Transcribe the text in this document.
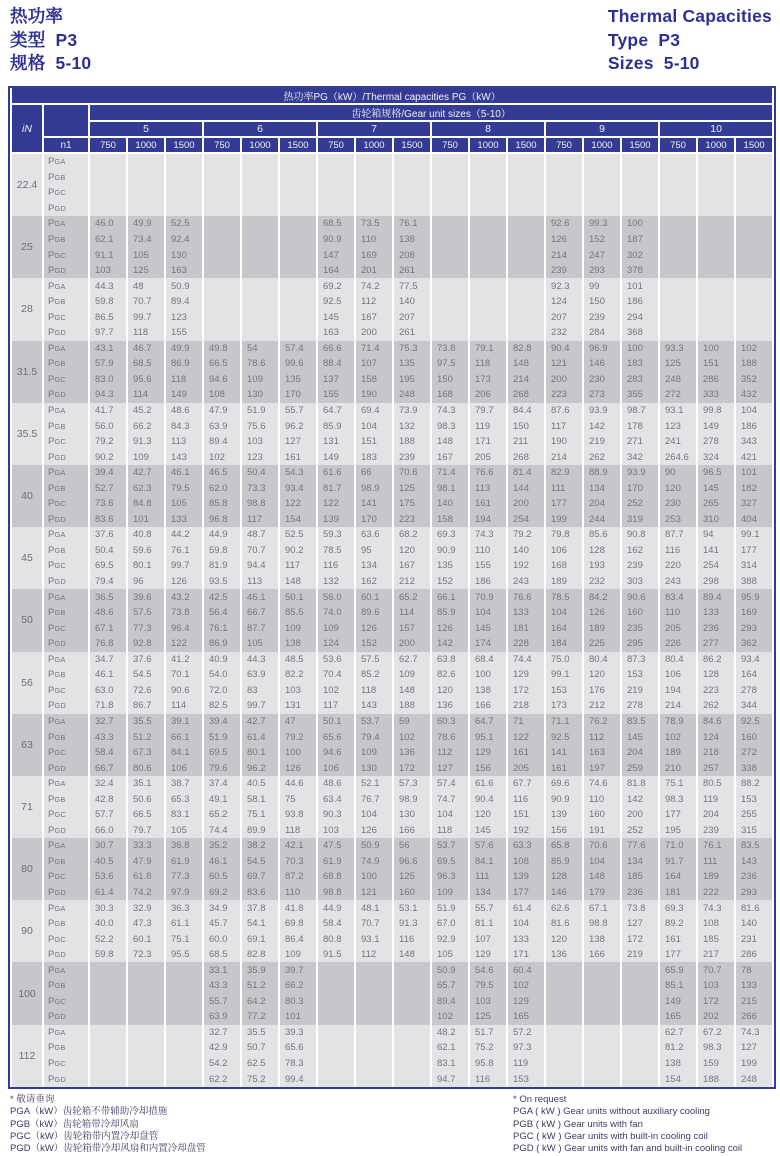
热功率
类型  P3
规格  5-10
Thermal Capacities
Type  P3
Sizes  5-10
热功率PG（kW）/Thermal capacities PG（kW）																			
iN		齿轮箱规格/Gear unit sizes（5-10）																	
		5			6			7			8			9			10		
	n1	750	1000	1500	750	1000	1500	750	1000	1500	750	1000	1500	750	1000	1500	750	1000	1500
22.4	PGA																		
	PGB																		
	PGC																		
	PGD																		
25	PGA	46.0	49.9	52.5				68.5	73.5	76.1				92.6	99.3	100			
	PGB	62.1	73.4	92.4				90.9	110	138				126	152	187			
	PGC	91.1	105	130				147	169	208				214	247	302			
	PGD	103	125	163				164	201	261				239	293	378			
28	PGA	44.3	48	50.9				69.2	74.2	77.5				92.3	99	101			
	PGB	59.8	70.7	89.4				92.5	112	140				124	150	186			
	PGC	86.5	99.7	123				145	167	207				207	239	294			
	PGD	97.7	118	155				163	200	261				232	284	368			
31.5	PGA	43.1	46.7	49.9	49.8	54	57.4	66.6	71.4	75.3	73.8	79.1	82.8	90.4	96.9	100	93.3	100	102
	PGB	57.9	68.5	86.9	66.5	78.6	99.6	88.4	107	135	97.5	118	148	121	146	183	125	151	188
	PGC	83.0	95.6	118	94.6	109	135	137	158	195	150	173	214	200	230	283	248	286	352
	PGD	94.3	114	149	108	130	170	155	190	248	168	206	268	223	273	355	272	333	432
35.5	PGA	41.7	45.2	48.6	47.9	51.9	55.7	64.7	69.4	73.9	74.3	79.7	84.4	87.6	93.9	98.7	93.1	99.8	104
	PGB	56.0	66.2	84.3	63.9	75.6	96.2	85.9	104	132	98.3	119	150	117	142	178	123	149	186
	PGC	79.2	91.3	113	89.4	103	127	131	151	188	148	171	211	190	219	271	241	278	343
	PGD	90.2	109	143	102	123	161	149	183	239	167	205	268	214	262	342	264.6	324	421
40	PGA	39.4	42.7	46.1	46.5	50.4	54.3	61.6	66	70.6	71.4	76.6	81.4	82.9	88.9	93.9	90	96.5	101
	PGB	52.7	62.3	79.5	62.0	73.3	93.4	81.7	98.9	125	98.1	113	144	111	134	170	120	145	182
	PGC	73.6	84.8	105	85.8	98.8	122	122	141	175	140	161	200	177	204	252	230	265	327
	PGD	83.6	101	133	96.8	117	154	139	170	223	158	194	254	199	244	319	253	310	404
45	PGA	37.6	40.8	44.2	44.9	48.7	52.5	59.3	63.6	68.2	69.3	74.3	79.2	79.8	85.6	90.8	87.7	94	99.1
	PGB	50.4	59.6	76.1	59.8	70.7	90.2	78.5	95	120	90.9	110	140	106	128	162	116	141	177
	PGC	69.5	80.1	99.7	81.9	94.4	117	116	134	167	135	155	192	168	193	239	220	254	314
	PGD	79.4	96	126	93.5	113	148	132	162	212	152	186	243	189	232	303	243	298	388
50	PGA	36.5	39.6	43.2	42.5	46.1	50.1	56.0	60.1	65.2	66.1	70.9	76.6	78.5	84.2	90.6	83.4	89.4	95.9
	PGB	48.6	57.5	73.8	56.4	66.7	85.5	74.0	89.6	114	85.9	104	133	104	126	160	110	133	169
	PGC	67.1	77.3	96.4	76.1	87.7	109	109	126	157	126	145	181	164	189	235	205	236	293
	PGD	76.8	92.8	122	86.9	105	138	124	152	200	142	174	228	184	225	295	226	277	362
56	PGA	34.7	37.6	41.2	40.9	44.3	48.5	53.6	57.5	62.7	63.8	68.4	74.4	75.0	80.4	87.3	80.4	86.2	93.4
	PGB	46.1	54.5	70.1	54.0	63.9	82.2	70.4	85.2	109	82.6	100	129	99.1	120	153	106	128	164
	PGC	63.0	72.6	90.6	72.0	83	103	102	118	148	120	138	172	153	176	219	194	223	278
	PGD	71.8	86.7	114	82.5	99.7	131	117	143	188	136	166	218	173	212	278	214	262	344
63	PGA	32.7	35.5	39.1	39.4	42.7	47	50.1	53.7	59	60.3	64.7	71	71.1	76.2	83.5	78.9	84.6	92.5
	PGB	43.3	51.2	66.1	51.9	61.4	79.2	65.6	79.4	102	78.6	95.1	122	92.5	112	145	102	124	160
	PGC	58.4	67.3	84.1	69.5	80.1	100	94.6	109	136	112	129	161	141	163	204	189	218	272
	PGD	66.7	80.6	106	79.6	96.2	126	106	130	172	127	156	205	161	197	259	210	257	338
71	PGA	32.4	35.1	38.7	37.4	40.5	44.6	48.6	52.1	57.3	57.4	61.6	67.7	69.6	74.6	81.8	75.1	80.5	88.2
	PGB	42.8	50.6	65.3	49.1	58.1	75	63.4	76.7	98.9	74.7	90.4	116	90.9	110	142	98.3	119	153
	PGC	57.7	66.5	83.1	65.2	75.1	93.8	90.3	104	130	104	120	151	139	160	200	177	204	255
	PGD	66.0	79.7	105	74.4	89.9	118	103	126	166	118	145	192	156	191	252	195	239	315
80	PGA	30.7	33.3	36.8	35.2	38.2	42.1	47.5	50.9	56	53.7	57.6	63.3	65.8	70.6	77.6	71.0	76.1	83.5
	PGB	40.5	47.9	61.9	46.1	54.5	70.3	61.9	74.9	96.6	69.5	84.1	108	85.9	104	134	91.7	111	143
	PGC	53.6	61.8	77.3	60.5	69.7	87.2	68.8	100	125	96.3	111	139	128	148	185	164	189	236
	PGD	61.4	74.2	97.9	69.2	83.6	110	98.8	121	160	109	134	177	146	179	236	181	222	293
90	PGA	30.3	32.9	36.3	34.9	37.8	41.8	44.9	48.1	53.1	51.9	55.7	61.4	62.6	67.1	73.8	69.3	74.3	81.6
	PGB	40.0	47.3	61.1	45.7	54.1	69.8	58.4	70.7	91.3	67.0	81.1	104	81.6	98.8	127	89.2	108	140
	PGC	52.2	60.1	75.1	60.0	69.1	86.4	80.8	93.1	116	92.9	107	133	120	138	172	161	185	231
	PGD	59.8	72.3	95.5	68.5	82.8	109	91.5	112	148	105	129	171	136	166	219	177	217	286
100	PGA				33.1	35.9	39.7				50.9	54.6	60.4				65.9	70.7	78
	PGB				43.3	51.2	66.2				65.7	79.5	102				85.1	103	133
	PGC				55.7	64.2	80.3				89.4	103	129				149	172	215
	PGD				63.9	77.2	101				102	125	165				165	202	266
112	PGA				32.7	35.5	39.3				48.2	51.7	57.2				62.7	67.2	74.3
	PGB				42.9	50.7	65.6				62.1	75.2	97.3				81.2	98.3	127
	PGC				54.2	62.5	78.3				83.1	95.8	119				138	159	199
	PGD				62.2	75.2	99.4				94.7	116	153				154	188	248
* 敬请垂询
PGA（kW）齿轮箱不带辅助冷却措施
PGB（kW）齿轮箱带冷却风扇
PGC（kW）齿轮箱带内置冷却盘管
PGD（kW）齿轮箱带冷却风扇和内置冷却盘管
* On request
PGA ( kW ) Gear units without auxiliary cooling
PGB ( kW ) Gear units with fan
PGC ( kW ) Gear units with built-in cooling coil
PGD ( kW ) Gear units with fan and built-in cooling coil
